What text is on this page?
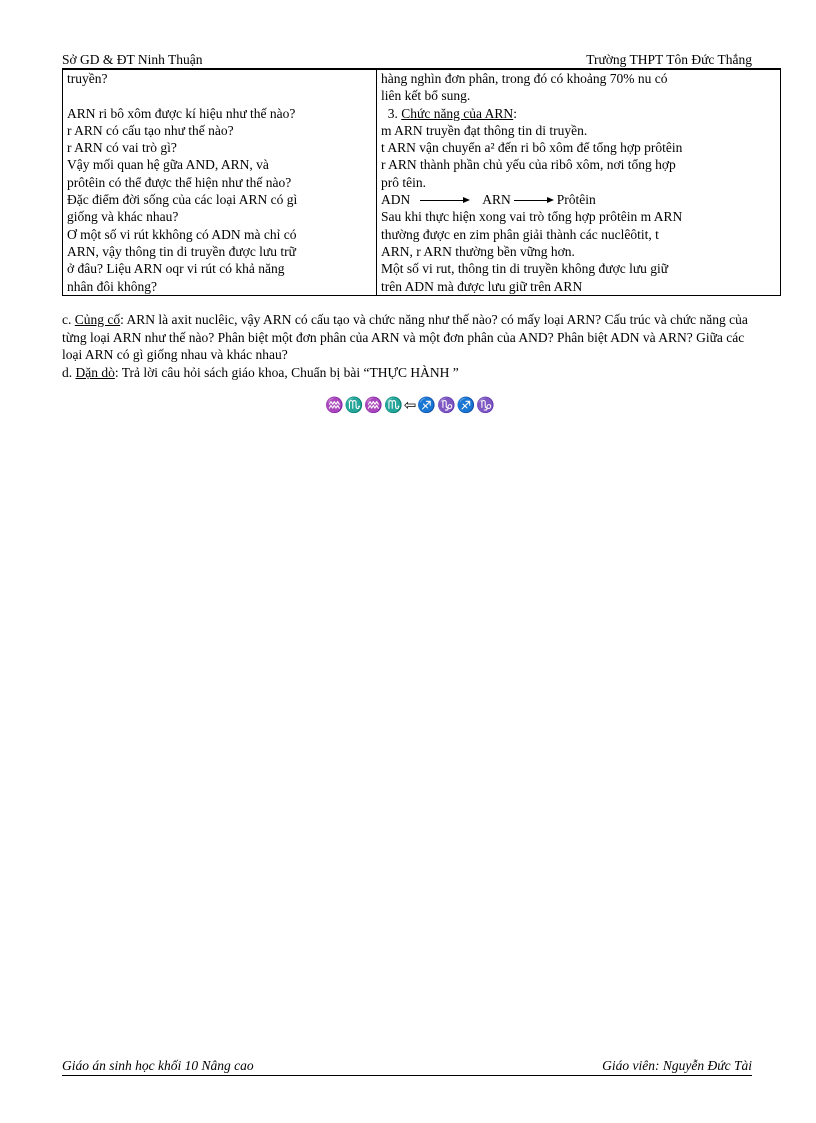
Sở GD & ĐT Ninh Thuận	Trường THPT Tôn Đức Thắng
truyền?
ARN ri bô xôm được kí hiệu như thế nào?
r ARN có cấu tạo như thế nào?
r ARN có vai trò gì?
Vậy mối quan hệ gữa AND, ARN, và
prôtêin có thể được thể hiện như thế nào?
Đặc điểm đời sống của các loại ARN có gì
giống và khác nhau?
Ơ một số vi rút kkhông có ADN mà chỉ có
ARN, vậy thông tin di truyền được lưu trữ
ở đâu? Liệu ARN oqr vi rút có khả năng
nhân đôi không?

hàng nghìn đơn phân, trong đó có khoảng 70% nu có
liên kết bổ sung.
3. Chức năng của ARN:
m ARN truyền đạt thông tin di truyền.
t ARN vận chuyển a² đến ri bô xôm để tổng hợp prôtêin
r ARN thành phần chủ yếu của ribô xôm, nơi tổng hợp
prô têin.
ADN	ARN	Prôtêin
Sau khi thực hiện xong vai trò tổng hợp prôtêin m ARN
thường được en zim phân giải thành các nuclêôtit, t
ARN, r ARN thường bền vững hơn.
Một số vi rut, thông tin di truyền không được lưu giữ
trên ADN mà được lưu giữ trên ARN

c. Củng cố: ARN là axit nuclêic, vậy ARN có cấu tạo và chức năng như thế nào? có mấy loại ARN? Cấu trúc và chức năng của từng loại ARN như thế nào? Phân biệt một đơn phân của ARN và một đơn phân của AND? Phân biệt ADN và ARN? Giữa các loại ARN có gì giống nhau và khác nhau?

d. Dặn dò: Trả lời câu hỏi sách giáo khoa, Chuẩn bị bài “THỰC HÀNH ”

♒♏♒♏⇦♐♑♐♑
Giáo án sinh học khối 10 Nâng cao	Giáo viên: Nguyễn Đức Tài
